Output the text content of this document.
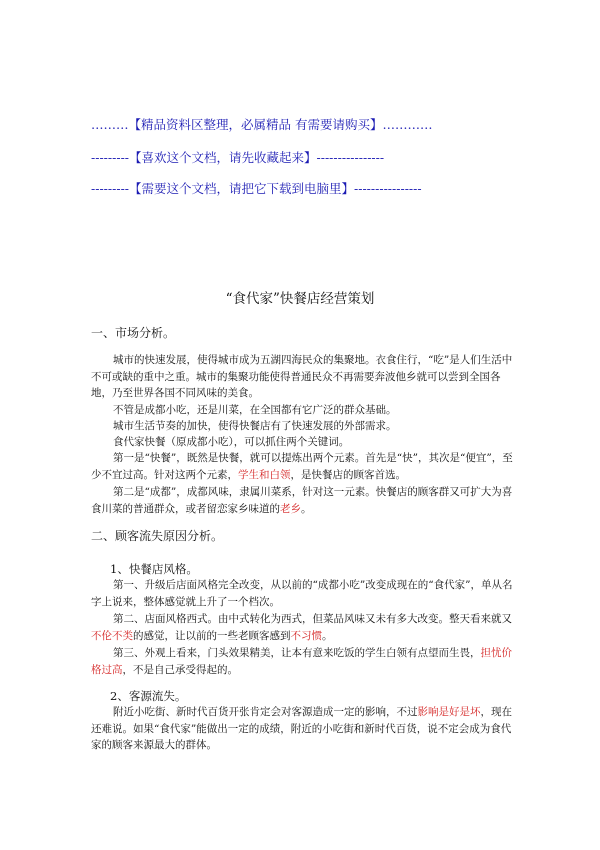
………【精品资料区整理，必属精品 有需要请购买】…………
---------【喜欢这个文档，请先收藏起来】----------------
---------【需要这个文档，请把它下载到电脑里】----------------
“食代家”快餐店经营策划
一、市场分析。
城市的快速发展，使得城市成为五湖四海民众的集聚地。衣食住行，“吃”是人们生活中不可或缺的重中之重。城市的集聚功能使得普通民众不再需要奔波他乡就可以尝到全国各地，乃至世界各国不同风味的美食。
不管是成都小吃，还是川菜，在全国都有它广泛的群众基础。
城市生活节奏的加快，使得快餐店有了快速发展的外部需求。
食代家快餐（原成都小吃），可以抓住两个关键词。
第一是“快餐”，既然是快餐，就可以提炼出两个元素。首先是“快”，其次是“便宜”，至少不宜过高。针对这两个元素，学生和白领，是快餐店的顾客首选。
第二是“成都”，成都风味，隶属川菜系，针对这一元素。快餐店的顾客群又可扩大为喜食川菜的普通群众，或者留恋家乡味道的老乡。
二、顾客流失原因分析。
1、快餐店风格。
第一、升级后店面风格完全改变，从以前的“成都小吃”改变成现在的“食代家”，单从名字上说来，整体感觉就上升了一个档次。
第二、店面风格西式。由中式转化为西式，但菜品风味又未有多大改变。整天看来就又不伦不类的感觉，让以前的一些老顾客感到不习惯。
第三、外观上看来，门头效果精美，让本有意来吃饭的学生白领有点望而生畏，担忧价格过高，不是自己承受得起的。
2、客源流失。
附近小吃街、新时代百货开张肯定会对客源造成一定的影响，不过影响是好是坏，现在还难说。如果“食代家”能做出一定的成绩，附近的小吃街和新时代百货，说不定会成为食代家的顾客来源最大的群体。
